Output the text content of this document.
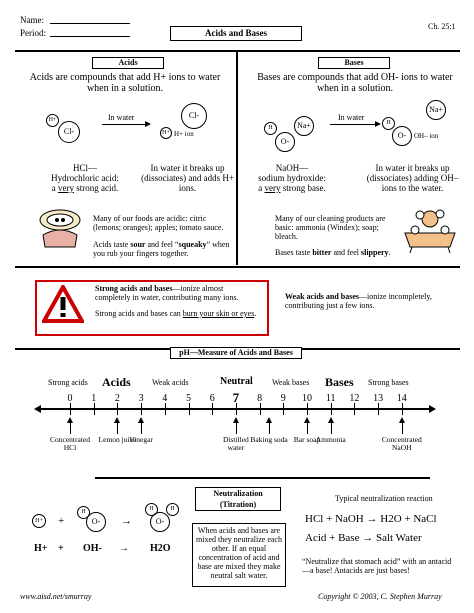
Name:
Period:
Ch. 25:1
Acids and Bases
Acids
Acids are compounds that add H+ ions to water when in a solution.
Cl-
H+	In water	Cl-
H+ H+ ion
HCl—
Hydrochloric acid:
a very strong acid.
In water it breaks up (dissociates) and adds H+ ions.
Many of our foods are acidic: citric (lemons; oranges); apples; tomato sauce.
Acids taste sour and feel “squeaky” when you rub your fingers together.
Bases
Bases are compounds that add OH- ions to water when in a solution.
H
O-
Na+
In water
Na+
H
O-	OH– ion
NaOH—
sodium hydroxide:
a very strong base.
In water it breaks up (dissociates) adding OH– ions to the water.
Many of our cleaning products are basic: ammonia (Windex); soap; bleach.
Bases taste bitter and feel slippery.
Strong acids and bases—ionize almost completely in water, contributing many ions.
Strong acids and bases can burn your skin or eyes.
Weak acids and bases—ionize incompletely, contributing just a few ions.
pH—Measure of Acids and Bases
Strong acids Acids	Weak acids	Neutral Weak bases Bases Strong bases
0	1	2	3	4	5	6	7	8	9	10	11	12	13	14
Concentrated HCl
Lemon juice
Vinegar	Distilled water
Baking soda Bar soap
Ammonia	Concentrated NaOH
Neutralization (Titration)
H+ +
H
O-	→
H
O-
H
H+ + OH- → H2O
When acids and bases are mixed they neutralize each other. If an equal concentration of acid and base are mixed they make neutral salt water.
Typical neutralization reaction
HCl + NaOH → H2O + NaCl
Acid + Base → Salt Water
“Neutralize that stomach acid” with an antacid—a base! Antacids are just bases!
www.aisd.net/smurray	Copyright © 2003, C. Stephen Murray
